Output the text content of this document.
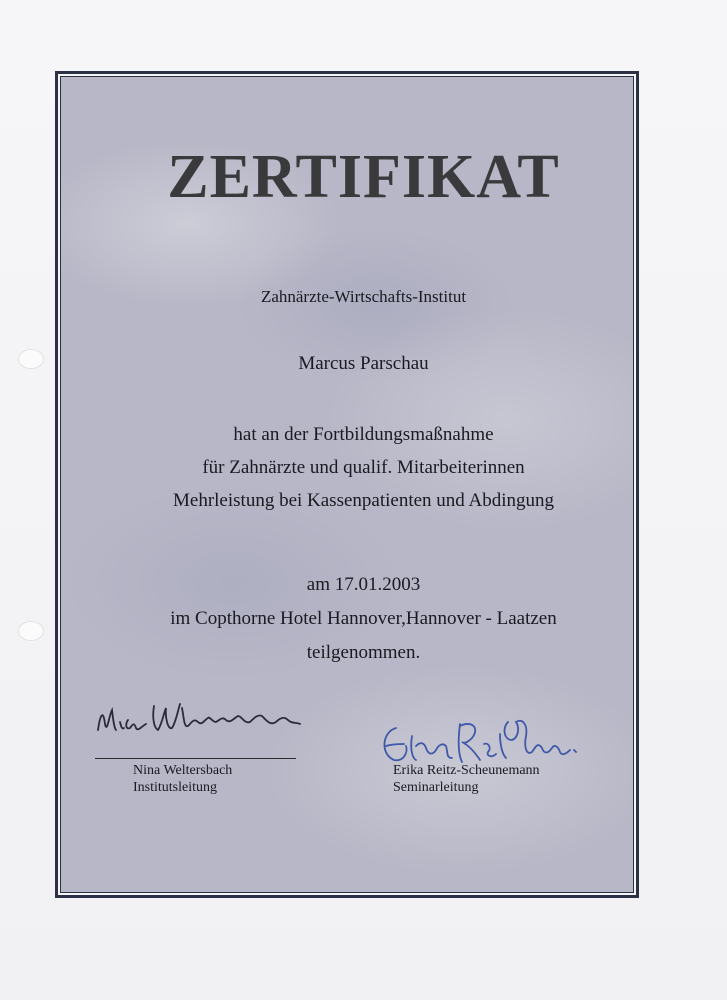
ZERTIFIKAT
Zahnärzte-Wirtschafts-Institut
Marcus Parschau
hat an der Fortbildungsmaßnahme
für Zahnärzte und qualif. Mitarbeiterinnen
Mehrleistung bei Kassenpatienten und Abdingung
am 17.01.2003
im Copthorne Hotel Hannover,Hannover - Laatzen
teilgenommen.
Nina Weltersbach
Institutsleitung
Erika Reitz-Scheunemann
Seminarleitung
